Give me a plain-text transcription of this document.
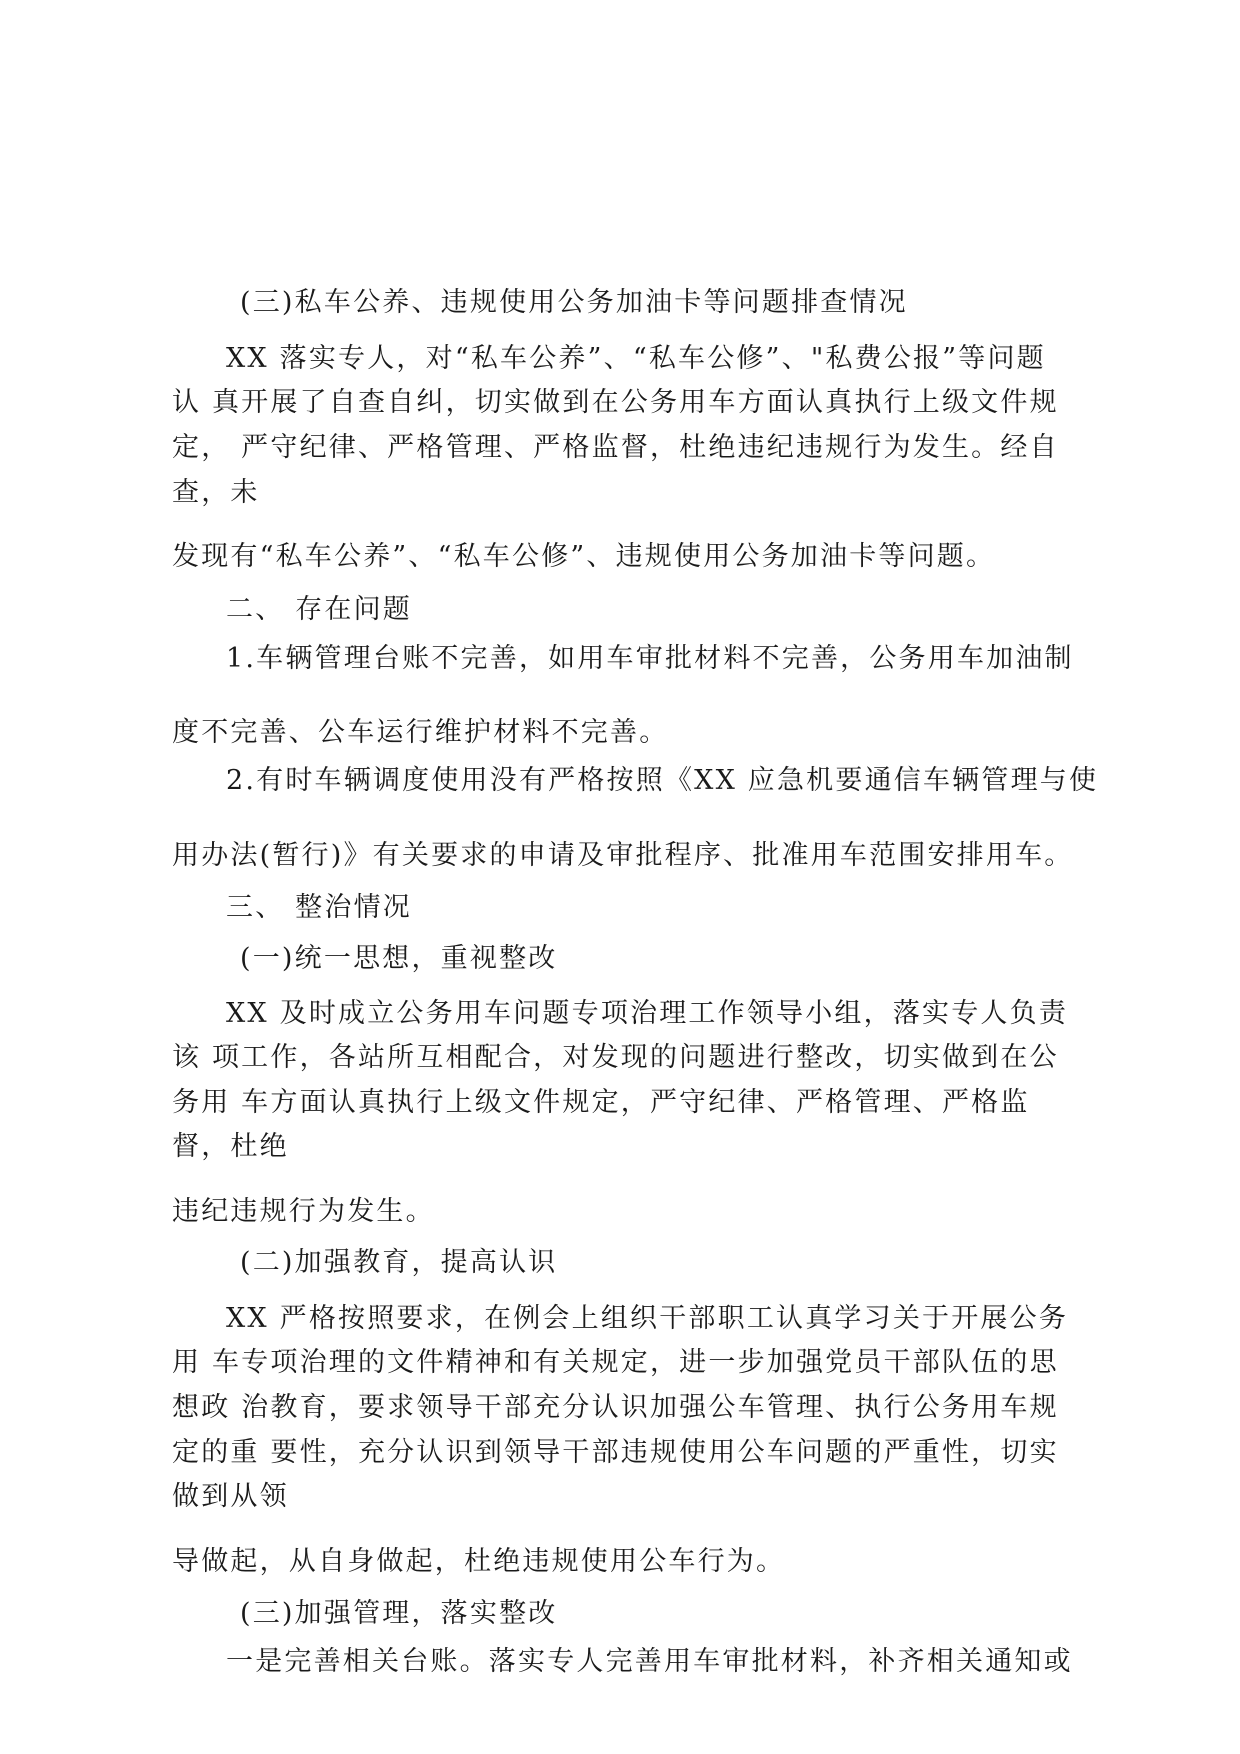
(三)私车公养、违规使用公务加油卡等问题排查情况

XX 落实专人，对“私车公养”、“私车公修”、"私费公报”等问题

认 真开展了自查自纠，切实做到在公务用车方面认真执行上级文件规

定， 严守纪律、严格管理、严格监督，杜绝违纪违规行为发生。经自

查，未

发现有“私车公养”、“私车公修”、违规使用公务加油卡等问题。

二、 存在问题

1.车辆管理台账不完善，如用车审批材料不完善，公务用车加油制

度不完善、公车运行维护材料不完善。

2.有时车辆调度使用没有严格按照《XX 应急机要通信车辆管理与使

用办法(暂行)》有关要求的申请及审批程序、批准用车范围安排用车。

三、 整治情况

(一)统一思想，重视整改

XX 及时成立公务用车问题专项治理工作领导小组，落实专人负责

该 项工作，各站所互相配合，对发现的问题进行整改，切实做到在公

务用 车方面认真执行上级文件规定，严守纪律、严格管理、严格监

督，杜绝

违纪违规行为发生。

(二)加强教育，提高认识

XX 严格按照要求，在例会上组织干部职工认真学习关于开展公务

用 车专项治理的文件精神和有关规定，进一步加强党员干部队伍的思

想政 治教育，要求领导干部充分认识加强公车管理、执行公务用车规

定的重 要性，充分认识到领导干部违规使用公车问题的严重性，切实

做到从领

导做起，从自身做起，杜绝违规使用公车行为。

(三)加强管理，落实整改

一是完善相关台账。落实专人完善用车审批材料，补齐相关通知或
